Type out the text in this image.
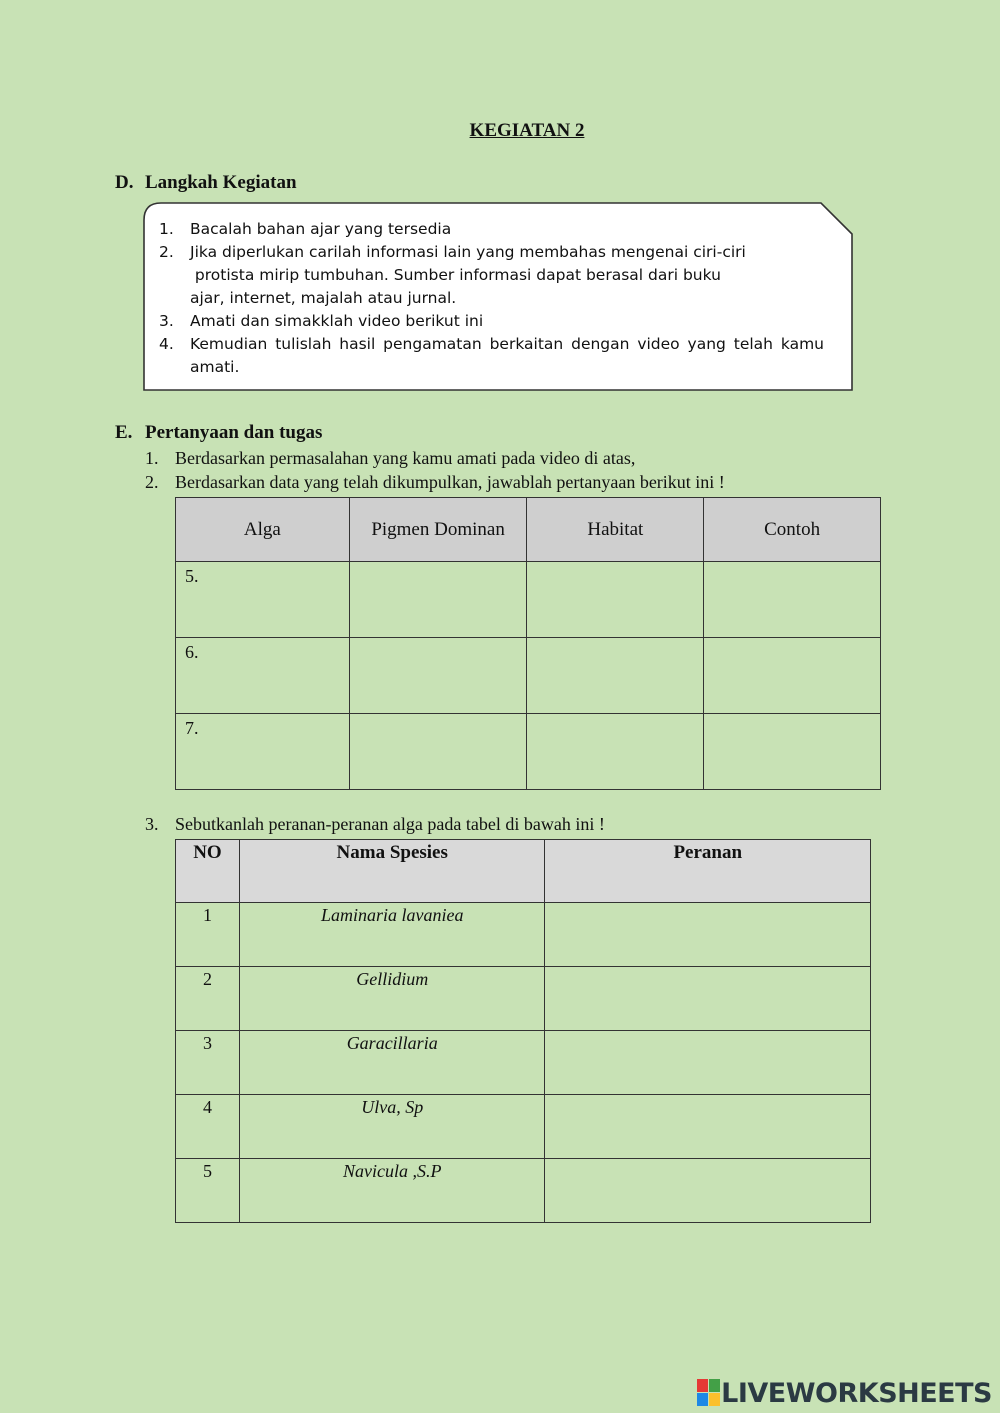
KEGIATAN 2
D. Langkah Kegiatan
1. Bacalah bahan ajar yang tersedia
2. Jika diperlukan carilah informasi lain yang membahas mengenai ciri-ciri
protista mirip tumbuhan. Sumber informasi dapat berasal dari buku
ajar, internet, majalah atau jurnal.
3. Amati dan simakklah video berikut ini
4. Kemudian tulislah hasil pengamatan berkaitan dengan video yang telah kamu amati.
E. Pertanyaan dan tugas
1. Berdasarkan permasalahan yang kamu amati pada video di atas,
2. Berdasarkan data yang telah dikumpulkan, jawablah pertanyaan berikut ini !
Alga	Pigmen Dominan	Habitat	Contoh

5.			

6.			

7.			

3. Sebutkanlah peranan-peranan alga pada tabel di bawah ini !
NO	Nama Spesies	Peranan
1	Laminaria lavaniea	
2	Gellidium	
3	Garacillaria	
4	Ulva, Sp	
5	Navicula ,S.P	
LIVEWORKSHEETS
